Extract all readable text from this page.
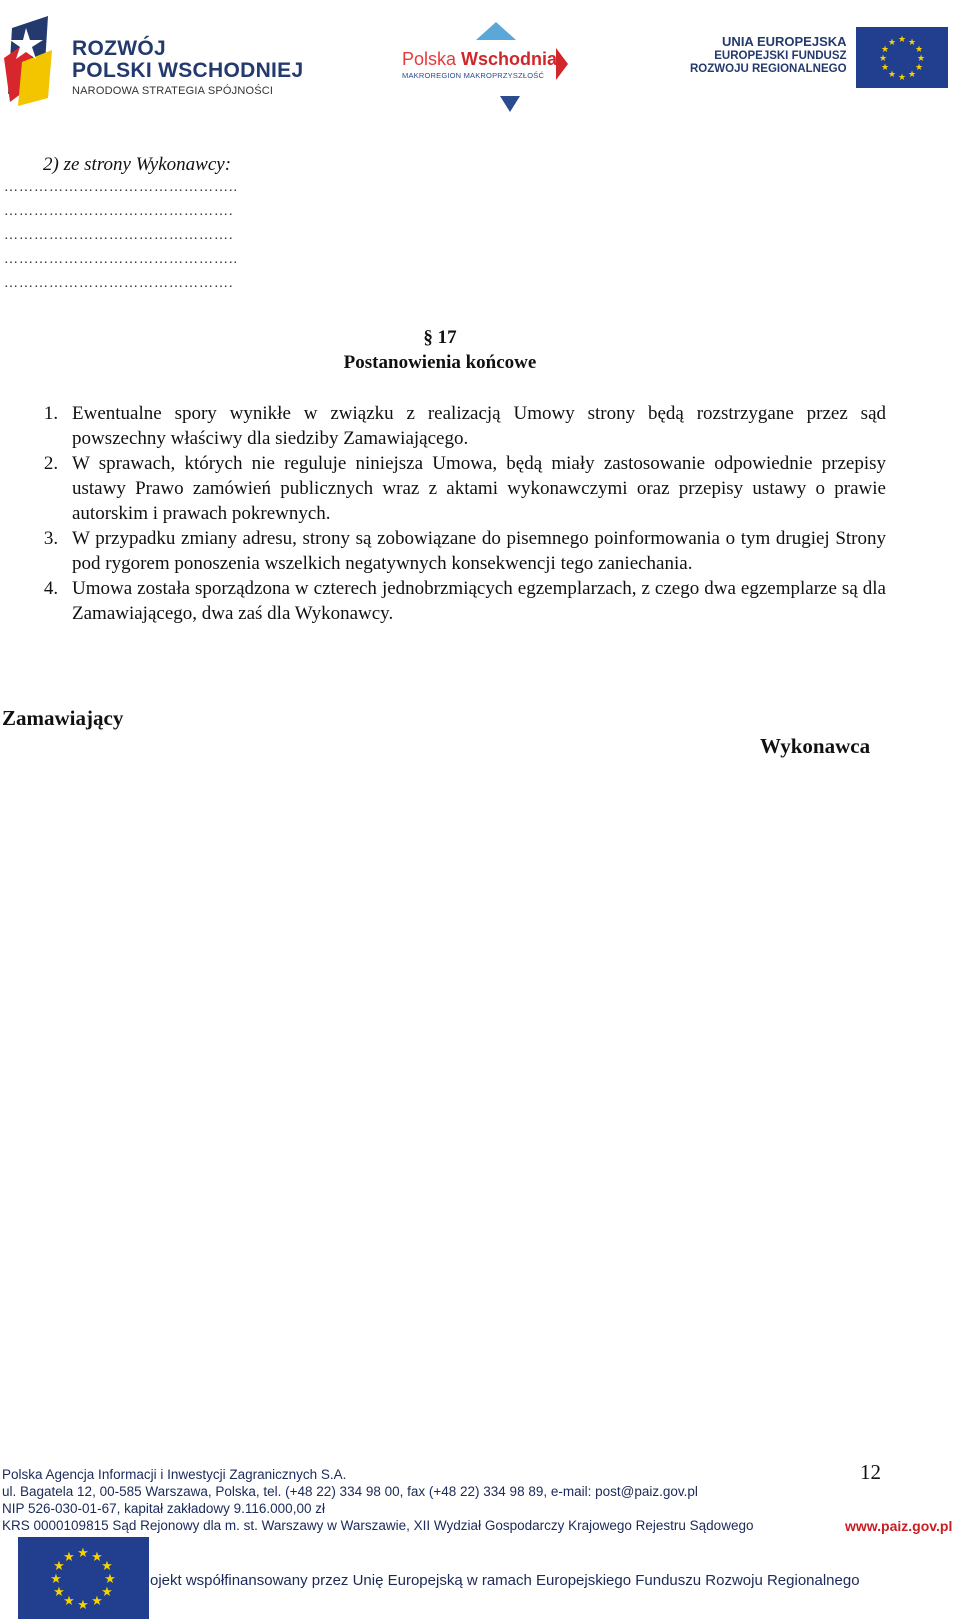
ROZWÓJ
POLSKI WSCHODNIEJ
NARODOWA STRATEGIA SPÓJNOŚCI
Polska Wschodnia
MAKROREGION MAKROPRZYSZŁOŚĆ
UNIA EUROPEJSKA
EUROPEJSKI FUNDUSZ
ROZWOJU REGIONALNEGO
★ ★
★
★
★
★
★
★
★
★
★
★
2) ze strony Wykonawcy:
………………………………………..
……………………………………….
……………………………………….
………………………………………..
……………………………………….
§ 17
Postanowienia końcowe
1. Ewentualne spory wynikłe w związku z realizacją Umowy strony będą rozstrzygane przez sąd powszechny właściwy dla siedziby Zamawiającego.
2. W sprawach, których nie reguluje niniejsza Umowa, będą miały zastosowanie odpowiednie przepisy ustawy Prawo zamówień publicznych wraz z aktami wykonawczymi oraz przepisy ustawy o prawie autorskim i prawach pokrewnych.
3. W przypadku zmiany adresu, strony są zobowiązane do pisemnego poinformowania o tym drugiej Strony pod rygorem ponoszenia wszelkich negatywnych konsekwencji tego zaniechania.
4. Umowa została sporządzona w czterech jednobrzmiących egzemplarzach, z czego dwa egzemplarze są dla Zamawiającego, dwa zaś dla Wykonawcy.
Zamawiający
Wykonawca
12
Polska Agencja Informacji i Inwestycji Zagranicznych S.A.
ul. Bagatela 12, 00-585 Warszawa, Polska, tel. (+48 22) 334 98 00, fax (+48 22) 334 98 89, e-mail: post@paiz.gov.pl
NIP 526-030-01-67, kapitał zakładowy 9.116.000,00 zł
KRS 0000109815 Sąd Rejonowy dla m. st. Warszawy w Warszawie, XII Wydział Gospodarczy Krajowego Rejestru Sądowego	www.paiz.gov.pl
★ ★
★
★
★
★
★
★
★
★
★
★
ojekt współfinansowany przez Unię Europejską w ramach Europejskiego Funduszu Rozwoju Regionalnego
